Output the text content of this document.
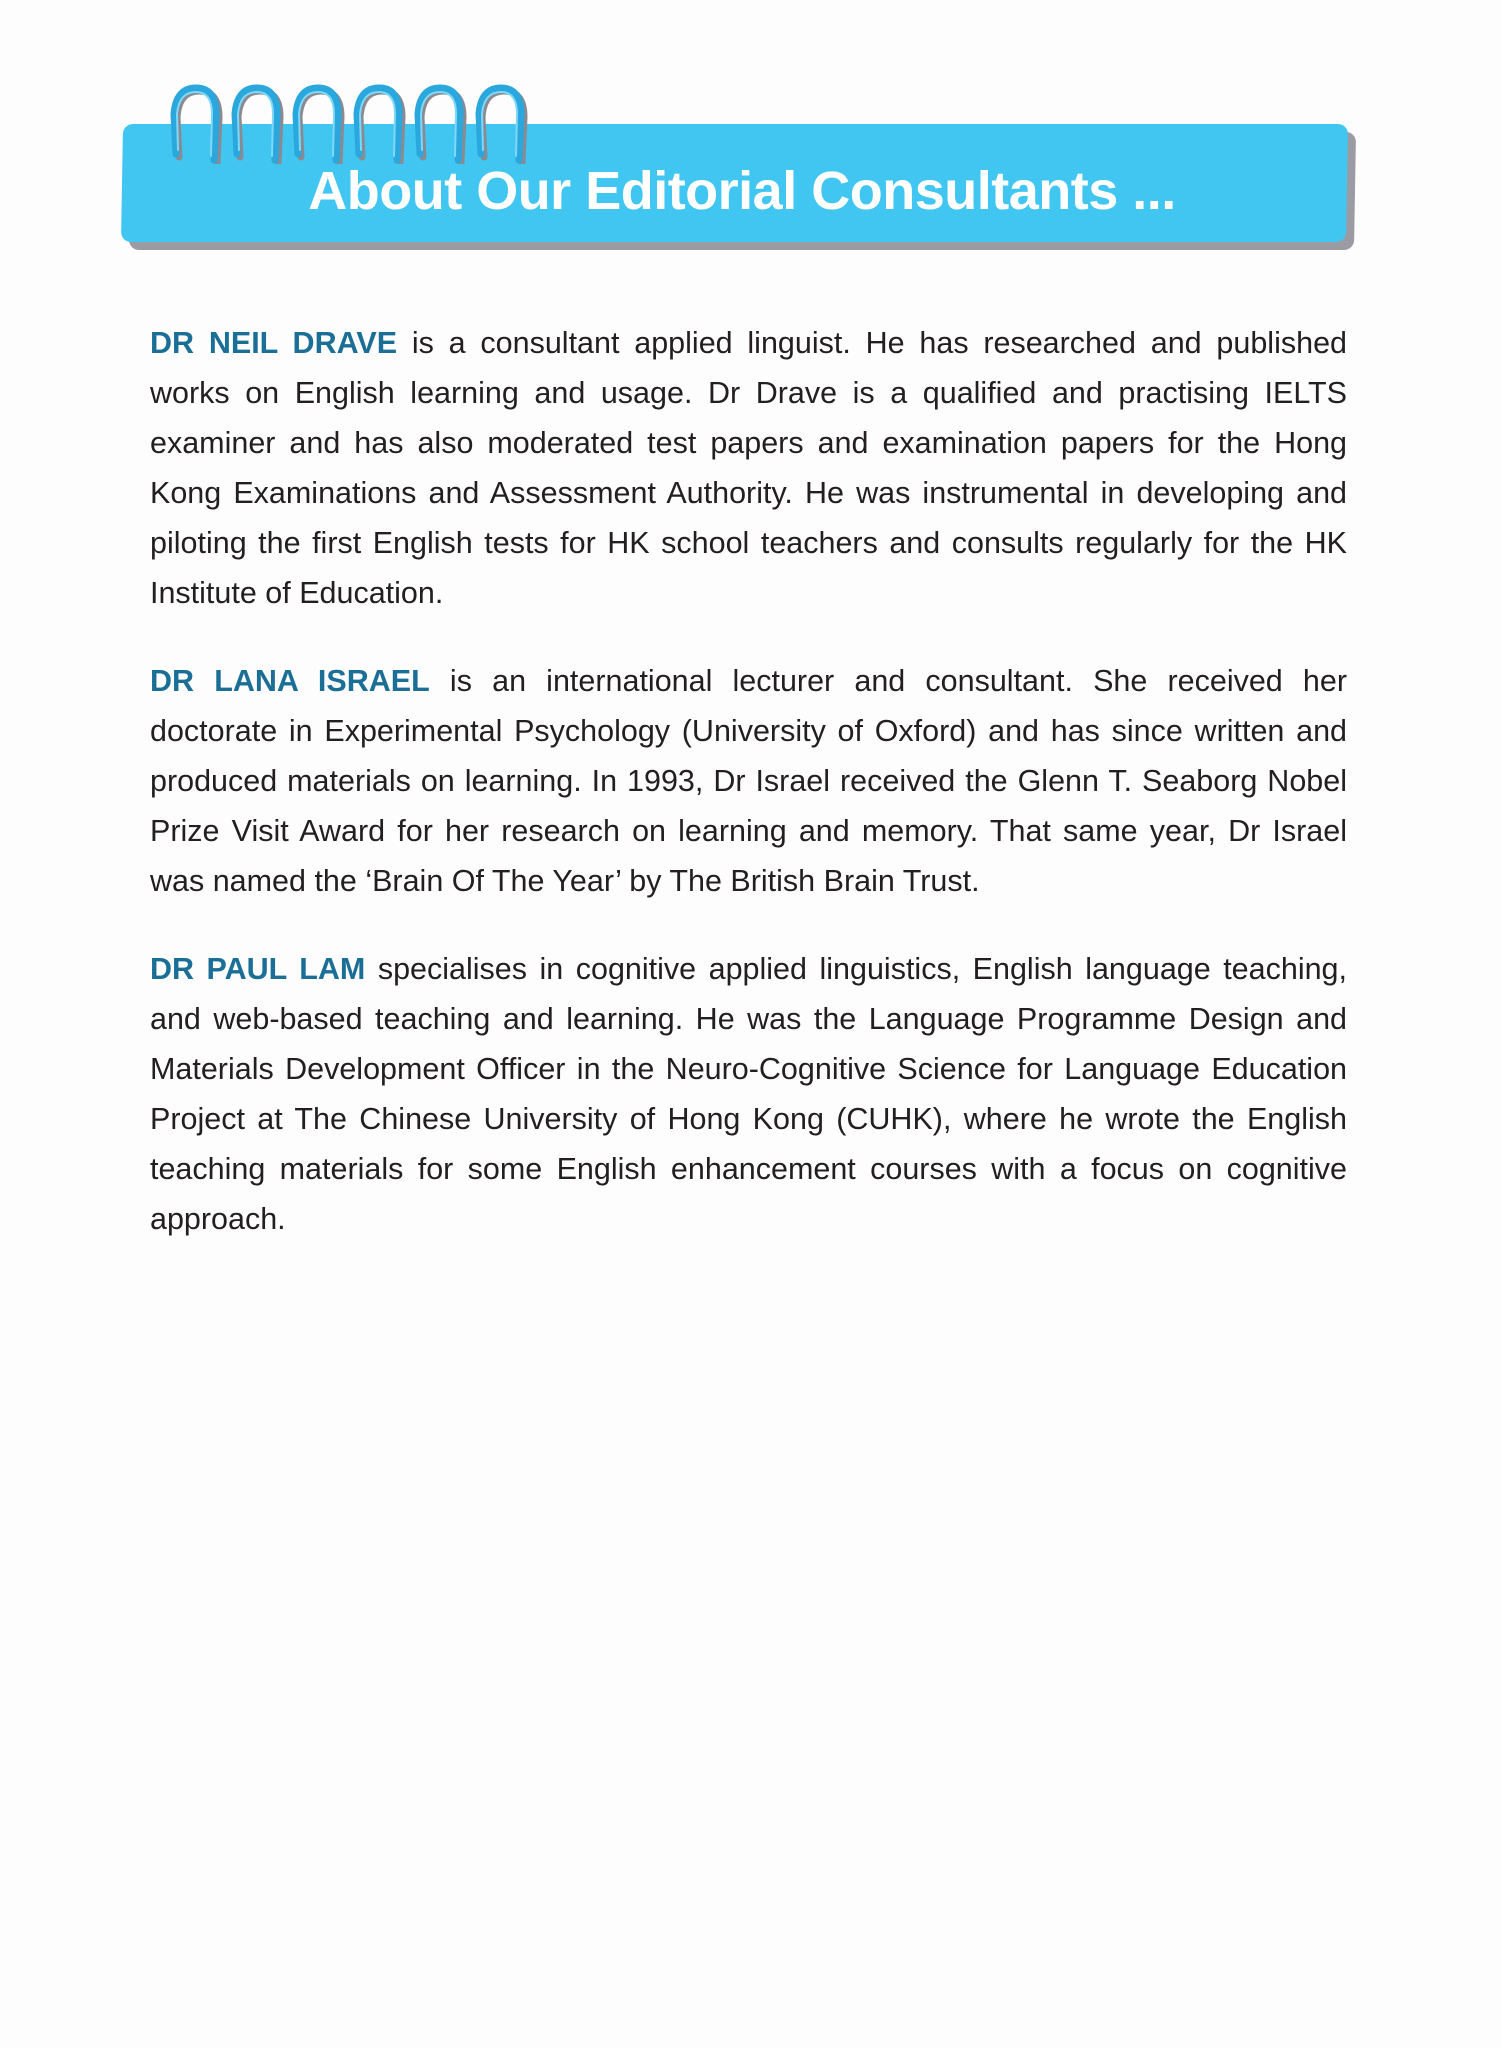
About Our Editorial Consultants ...

DR NEIL DRAVE is a consultant applied linguist. He has researched and published works on English learning and usage. Dr Drave is a qualified and practising IELTS examiner and has also moderated test papers and examination papers for the Hong Kong Examinations and Assessment Authority. He was instrumental in developing and piloting the first English tests for HK school teachers and consults regularly for the HK Institute of Education.

DR LANA ISRAEL is an international lecturer and consultant. She received her doctorate in Experimental Psychology (University of Oxford) and has since written and produced materials on learning. In 1993, Dr Israel received the Glenn T. Seaborg Nobel Prize Visit Award for her research on learning and memory. That same year, Dr Israel was named the ‘Brain Of The Year’ by The British Brain Trust.

DR PAUL LAM specialises in cognitive applied linguistics, English language teaching, and web-based teaching and learning. He was the Language Programme Design and Materials Development Officer in the Neuro-Cognitive Science for Language Education Project at The Chinese University of Hong Kong (CUHK), where he wrote the English teaching materials for some English enhancement courses with a focus on cognitive approach.
